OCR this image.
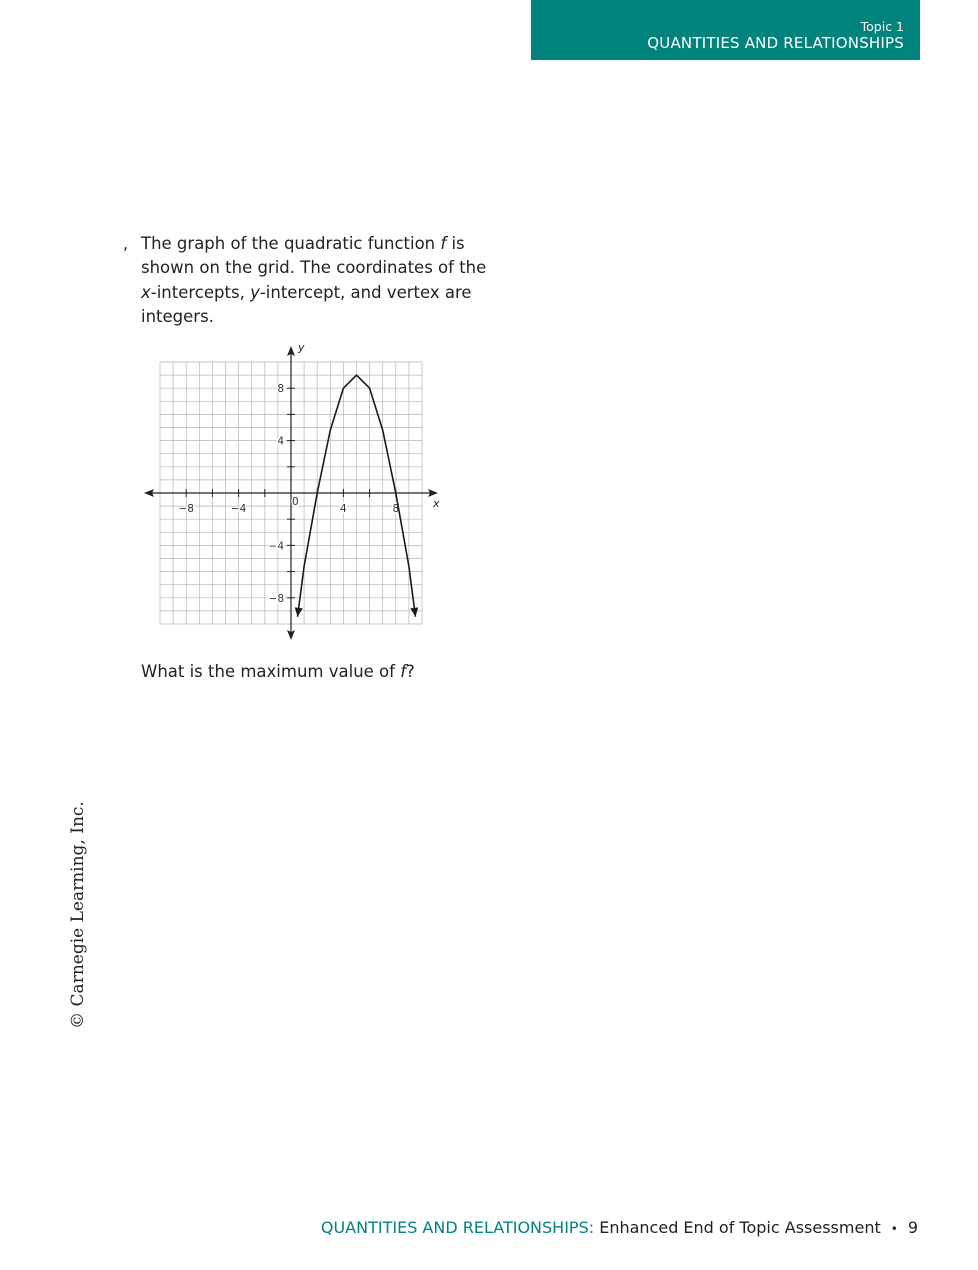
Topic 1
QUANTITIES AND RELATIONSHIPS
, The graph of the quadratic function f is shown on the grid. The coordinates of the x-intercepts, y-intercept, and vertex are integers.

x
y
−8	−4	4	8
8
4
−4
−8
0

What is the maximum value of f?

© Carnegie Learning, Inc.
QUANTITIES AND RELATIONSHIPS: Enhanced End of Topic Assessment • 9
